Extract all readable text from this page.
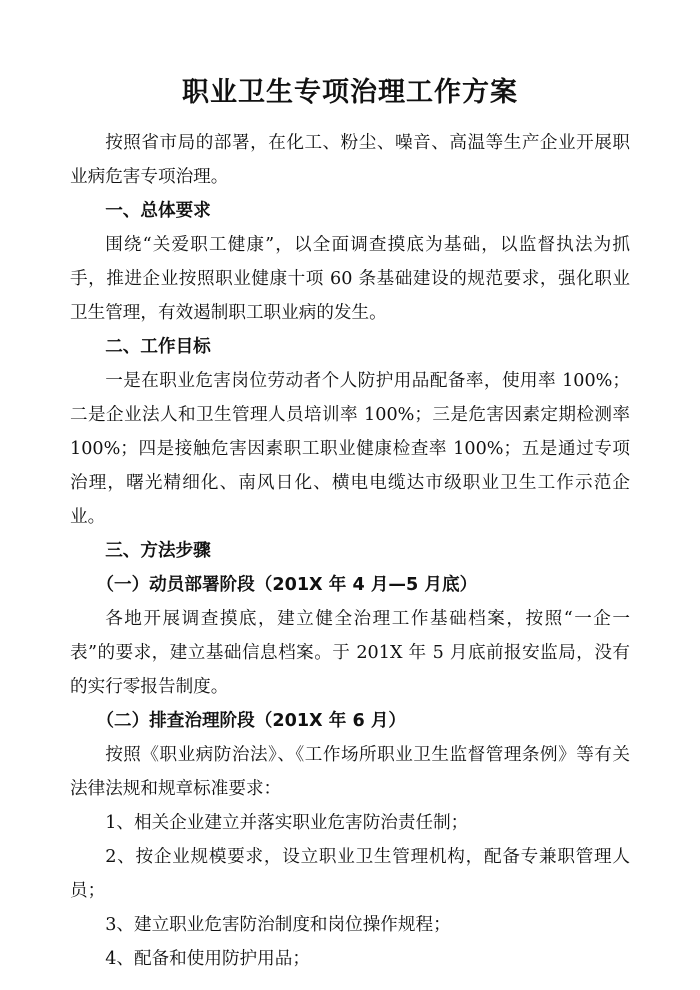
职业卫生专项治理工作方案

按照省市局的部署，在化工、粉尘、噪音、高温等生产企业开展职业病危害专项治理。

一、总体要求

围绕“关爱职工健康”，以全面调查摸底为基础，以监督执法为抓手，推进企业按照职业健康十项 60 条基础建设的规范要求，强化职业卫生管理，有效遏制职工职业病的发生。

二、工作目标

一是在职业危害岗位劳动者个人防护用品配备率，使用率 100%；二是企业法人和卫生管理人员培训率 100%；三是危害因素定期检测率 100%；四是接触危害因素职工职业健康检查率 100%；五是通过专项治理，曙光精细化、南风日化、横电电缆达市级职业卫生工作示范企业。

三、方法步骤

（一）动员部署阶段（201X 年 4 月—5 月底）

各地开展调查摸底，建立健全治理工作基础档案，按照“一企一表”的要求，建立基础信息档案。于 201X 年 5 月底前报安监局，没有的实行零报告制度。

（二）排查治理阶段（201X 年 6 月）

按照《职业病防治法》、《工作场所职业卫生监督管理条例》等有关法律法规和规章标准要求：

1、相关企业建立并落实职业危害防治责任制；

2、按企业规模要求，设立职业卫生管理机构，配备专兼职管理人员；

3、建立职业危害防治制度和岗位操作规程；

4、配备和使用防护用品；
